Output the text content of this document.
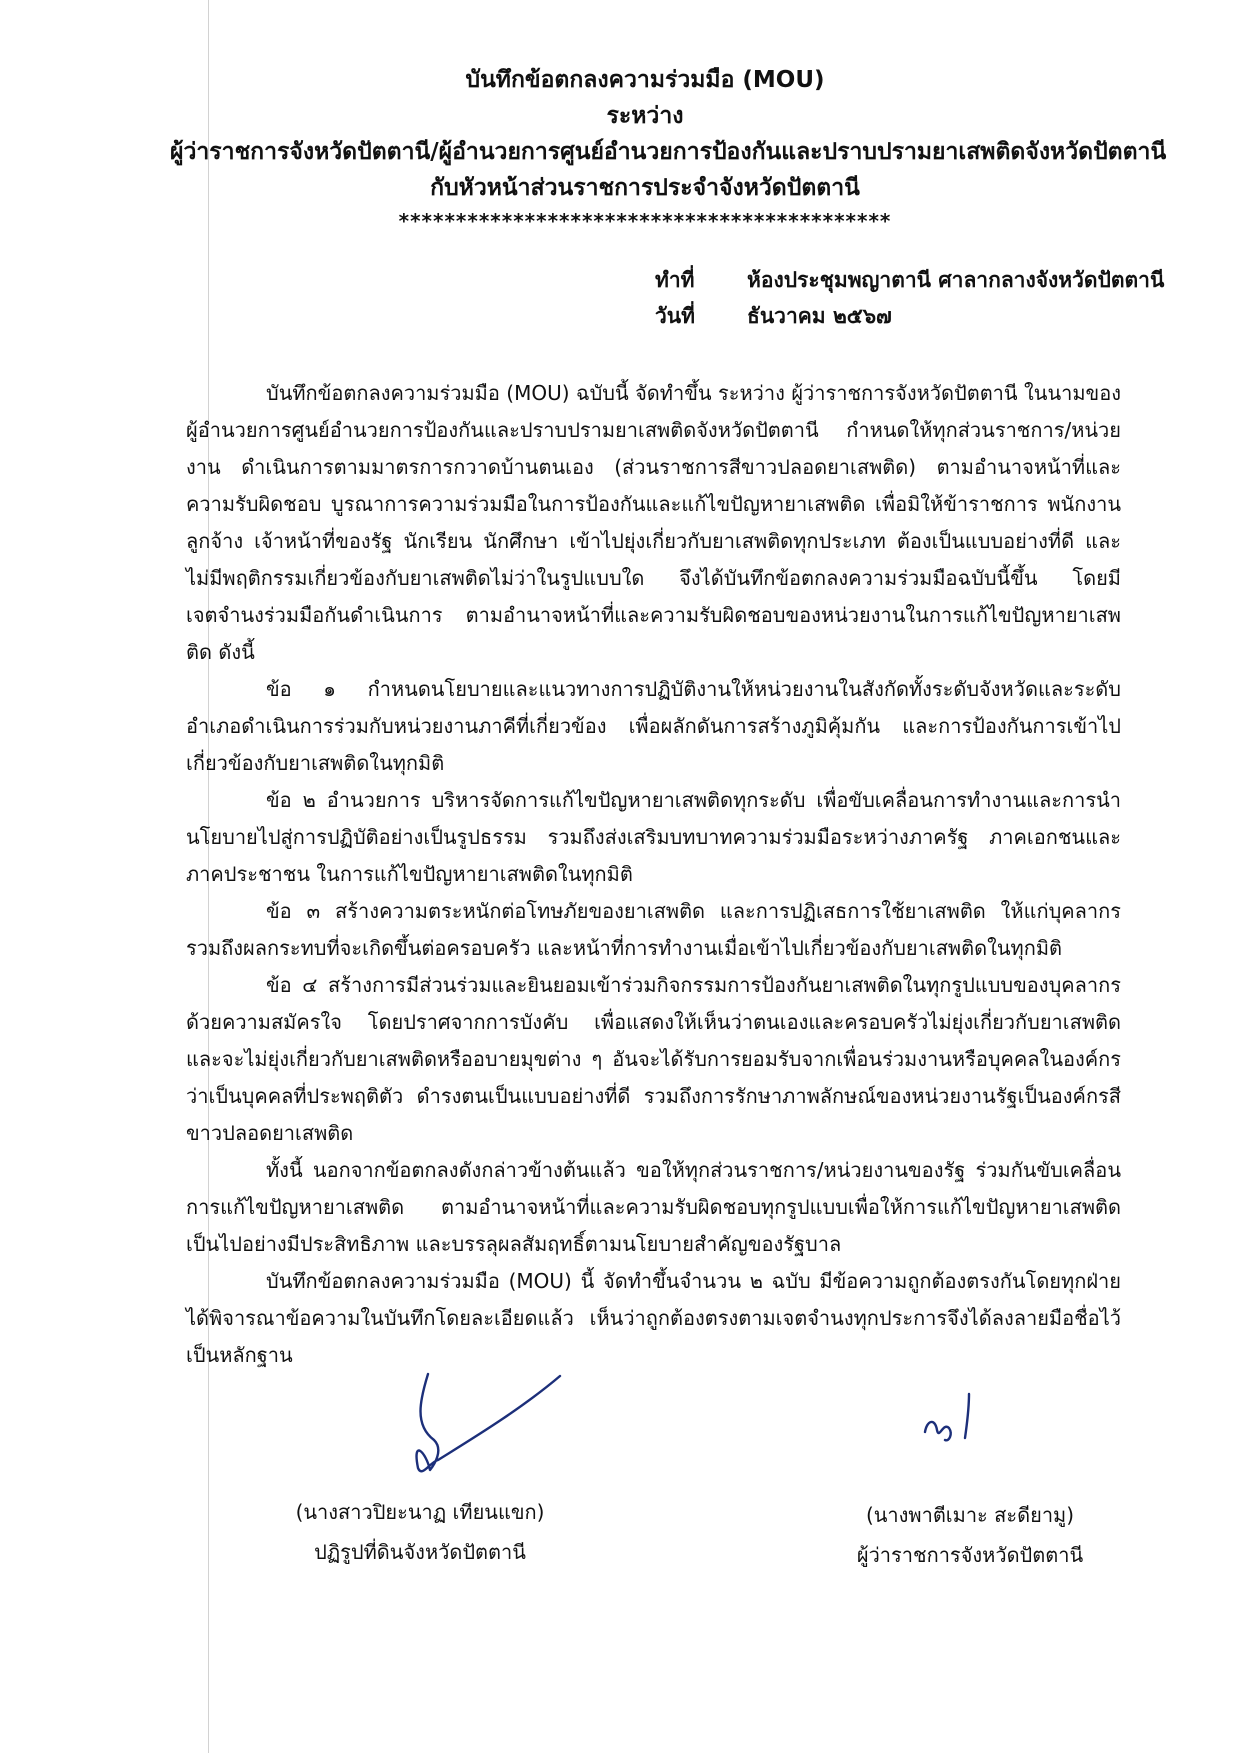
บันทึกข้อตกลงความร่วมมือ (MOU)
ระหว่าง
ผู้ว่าราชการจังหวัดปัตตานี/ผู้อำนวยการศูนย์อำนวยการป้องกันและปราบปรามยาเสพติดจังหวัดปัตตานี
กับหัวหน้าส่วนราชการประจำจังหวัดปัตตานี
*******************************************
ทำที่	ห้องประชุมพญาตานี ศาลากลางจังหวัดปัตตานี
วันที่ ธันวาคม ๒๕๖๗

บันทึกข้อตกลงความร่วมมือ (MOU) ฉบับนี้ จัดทำขึ้น ระหว่าง ผู้ว่าราชการจังหวัดปัตตานี ในนามของผู้อำนวยการศูนย์อำนวยการป้องกันและปราบปรามยาเสพติดจังหวัดปัตตานี กำหนดให้ทุกส่วนราชการ/หน่วยงาน ดำเนินการตามมาตรการกวาดบ้านตนเอง (ส่วนราชการสีขาวปลอดยาเสพติด) ตามอำนาจหน้าที่และความรับผิดชอบ บูรณาการความร่วมมือในการป้องกันและแก้ไขปัญหายาเสพติด เพื่อมิให้ข้าราชการ พนักงาน ลูกจ้าง เจ้าหน้าที่ของรัฐ นักเรียน นักศึกษา เข้าไปยุ่งเกี่ยวกับยาเสพติดทุกประเภท ต้องเป็นแบบอย่างที่ดี และไม่มีพฤติกรรมเกี่ยวข้องกับยาเสพติดไม่ว่าในรูปแบบใด จึงได้บันทึกข้อตกลงความร่วมมือฉบับนี้ขึ้น โดยมีเจตจำนงร่วมมือกันดำเนินการ ตามอำนาจหน้าที่และความรับผิดชอบของหน่วยงานในการแก้ไขปัญหายาเสพติด ดังนี้

ข้อ ๑ กำหนดนโยบายและแนวทางการปฏิบัติงานให้หน่วยงานในสังกัดทั้งระดับจังหวัดและระดับอำเภอดำเนินการร่วมกับหน่วยงานภาคีที่เกี่ยวข้อง เพื่อผลักดันการสร้างภูมิคุ้มกัน และการป้องกันการเข้าไปเกี่ยวข้องกับยาเสพติดในทุกมิติ

ข้อ ๒ อำนวยการ บริหารจัดการแก้ไขปัญหายาเสพติดทุกระดับ เพื่อขับเคลื่อนการทำงานและการนำนโยบายไปสู่การปฏิบัติอย่างเป็นรูปธรรม รวมถึงส่งเสริมบทบาทความร่วมมือระหว่างภาครัฐ ภาคเอกชนและภาคประชาชน ในการแก้ไขปัญหายาเสพติดในทุกมิติ

ข้อ ๓ สร้างความตระหนักต่อโทษภัยของยาเสพติด และการปฏิเสธการใช้ยาเสพติด ให้แก่บุคลากรรวมถึงผลกระทบที่จะเกิดขึ้นต่อครอบครัว และหน้าที่การทำงานเมื่อเข้าไปเกี่ยวข้องกับยาเสพติดในทุกมิติ

ข้อ ๔ สร้างการมีส่วนร่วมและยินยอมเข้าร่วมกิจกรรมการป้องกันยาเสพติดในทุกรูปแบบของบุคลากรด้วยความสมัครใจ โดยปราศจากการบังคับ เพื่อแสดงให้เห็นว่าตนเองและครอบครัวไม่ยุ่งเกี่ยวกับยาเสพติด และจะไม่ยุ่งเกี่ยวกับยาเสพติดหรืออบายมุขต่าง ๆ อันจะได้รับการยอมรับจากเพื่อนร่วมงานหรือบุคคลในองค์กรว่าเป็นบุคคลที่ประพฤติตัว ดำรงตนเป็นแบบอย่างที่ดี รวมถึงการรักษาภาพลักษณ์ของหน่วยงานรัฐเป็นองค์กรสีขาวปลอดยาเสพติด

ทั้งนี้ นอกจากข้อตกลงดังกล่าวข้างต้นแล้ว ขอให้ทุกส่วนราชการ/หน่วยงานของรัฐ ร่วมกันขับเคลื่อนการแก้ไขปัญหายาเสพติด ตามอำนาจหน้าที่และความรับผิดชอบทุกรูปแบบเพื่อให้การแก้ไขปัญหายาเสพติดเป็นไปอย่างมีประสิทธิภาพ และบรรลุผลสัมฤทธิ์ตามนโยบายสำคัญของรัฐบาล

บันทึกข้อตกลงความร่วมมือ (MOU) นี้ จัดทำขึ้นจำนวน ๒ ฉบับ มีข้อความถูกต้องตรงกันโดยทุกฝ่ายได้พิจารณาข้อความในบันทึกโดยละเอียดแล้ว เห็นว่าถูกต้องตรงตามเจตจำนงทุกประการจึงได้ลงลายมือชื่อไว้เป็นหลักฐาน

(นางสาวปิยะนาฏ เทียนแขก)
ปฏิรูปที่ดินจังหวัดปัตตานี
(นางพาตีเมาะ สะดียามู)
ผู้ว่าราชการจังหวัดปัตตานี
